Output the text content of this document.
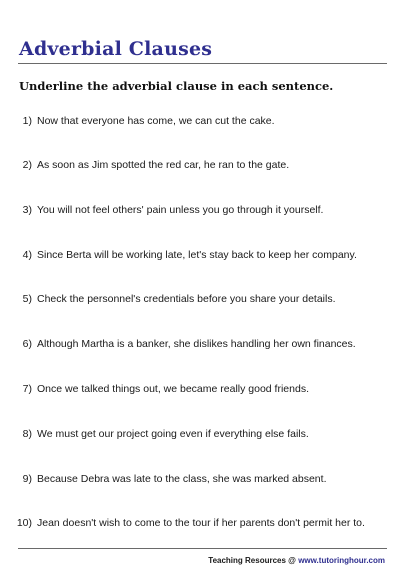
Adverbial Clauses

Underline the adverbial clause in each sentence.

1) Now that everyone has come, we can cut the cake.
2) As soon as Jim spotted the red car, he ran to the gate.
3) You will not feel others' pain unless you go through it yourself.
4) Since Berta will be working late, let's stay back to keep her company.
5) Check the personnel's credentials before you share your details.
6) Although Martha is a banker, she dislikes handling her own finances.
7) Once we talked things out, we became really good friends.
8) We must get our project going even if everything else fails.
9) Because Debra was late to the class, she was marked absent.
10) Jean doesn't wish to come to the tour if her parents don't permit her to.
Teaching Resources @ www.tutoringhour.com
